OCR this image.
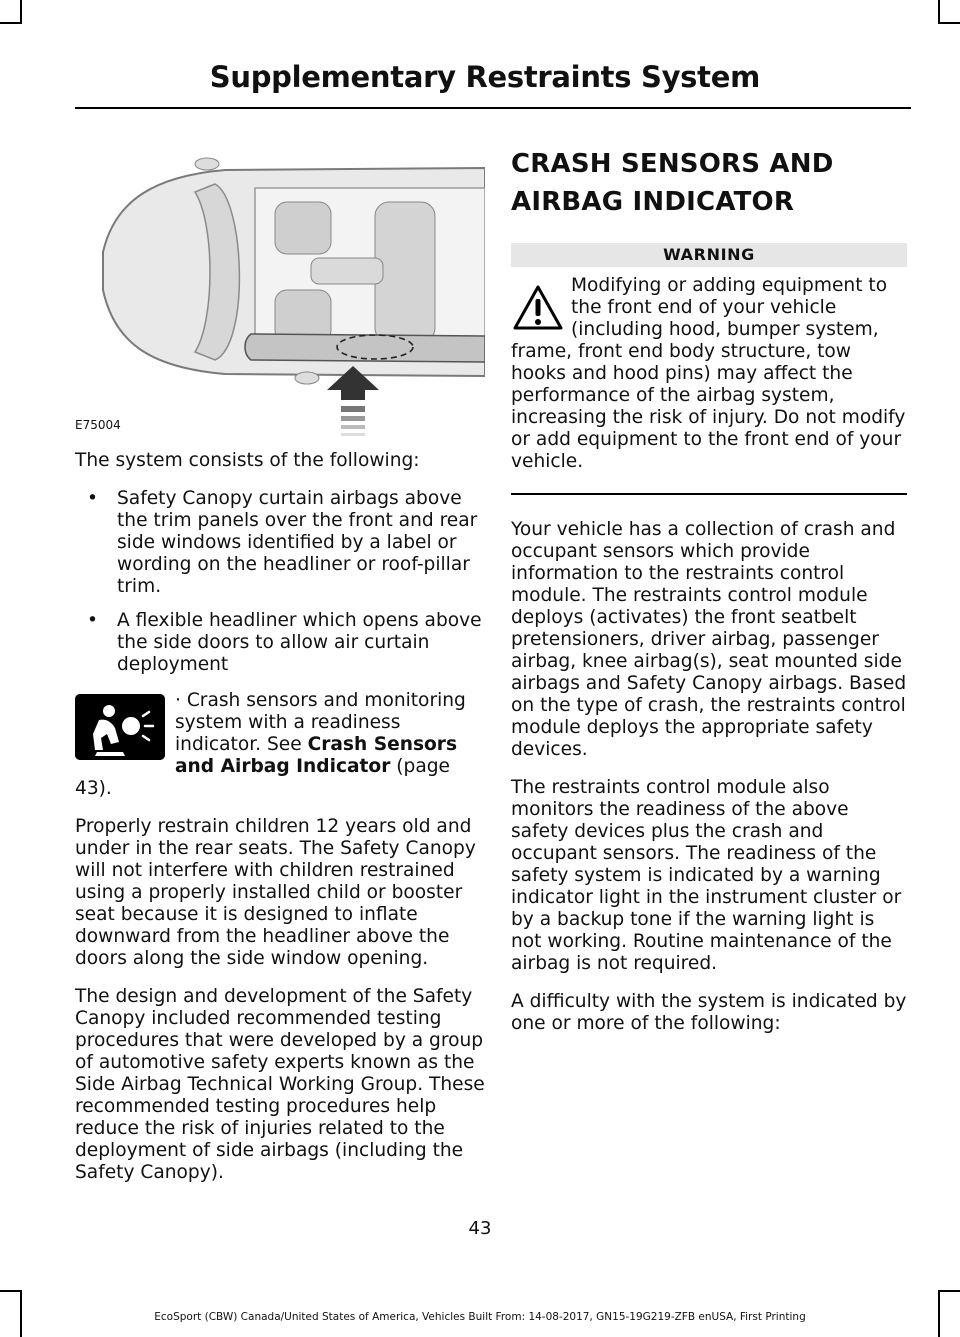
Supplementary Restraints System
E75004

The system consists of the following:

• Safety Canopy curtain airbags above the trim panels over the front and rear side windows identified by a label or wording on the headliner or roof-pillar trim.
• A flexible headliner which opens above the side doors to allow air curtain deployment
· Crash sensors and monitoring system with a readiness indicator. See Crash Sensors and Airbag Indicator (page 43).

Properly restrain children 12 years old and under in the rear seats. The Safety Canopy will not interfere with children restrained using a properly installed child or booster seat because it is designed to inflate downward from the headliner above the doors along the side window opening.

The design and development of the Safety Canopy included recommended testing procedures that were developed by a group of automotive safety experts known as the Side Airbag Technical Working Group. These recommended testing procedures help reduce the risk of injuries related to the deployment of side airbags (including the Safety Canopy).

CRASH SENSORS AND
AIRBAG INDICATOR
WARNING
Modifying or adding equipment to the front end of your vehicle (including hood, bumper system, frame, front end body structure, tow hooks and hood pins) may affect the performance of the airbag system, increasing the risk of injury. Do not modify or add equipment to the front end of your vehicle.

Your vehicle has a collection of crash and occupant sensors which provide information to the restraints control module. The restraints control module deploys (activates) the front seatbelt pretensioners, driver airbag, passenger airbag, knee airbag(s), seat mounted side airbags and Safety Canopy airbags. Based on the type of crash, the restraints control module deploys the appropriate safety devices.

The restraints control module also monitors the readiness of the above safety devices plus the crash and occupant sensors. The readiness of the safety system is indicated by a warning indicator light in the instrument cluster or by a backup tone if the warning light is not working. Routine maintenance of the airbag is not required.

A difficulty with the system is indicated by one or more of the following:

43
EcoSport (CBW) Canada/United States of America, Vehicles Built From: 14-08-2017, GN15-19G219-ZFB enUSA, First Printing
